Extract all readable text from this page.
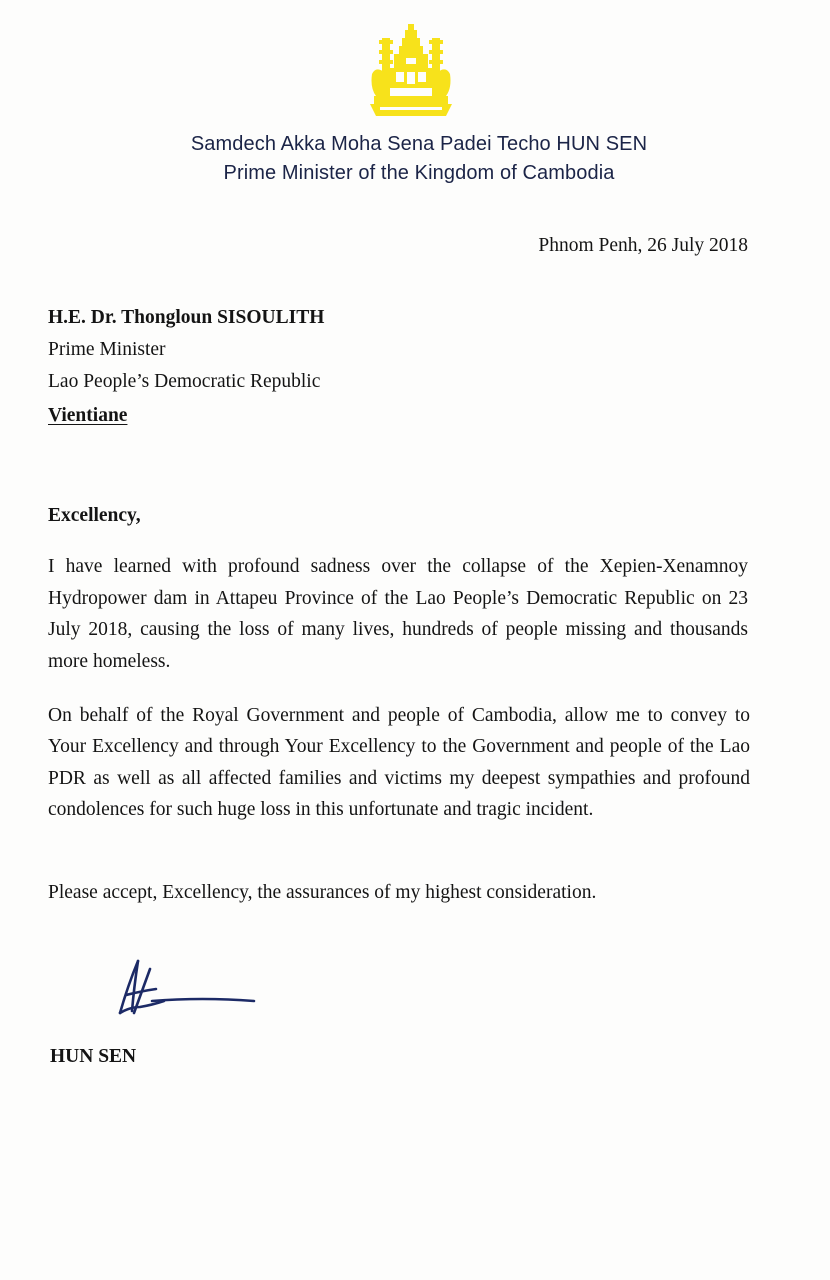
Samdech Akka Moha Sena Padei Techo HUN SEN
Prime Minister of the Kingdom of Cambodia
Phnom Penh, 26 July 2018
H.E. Dr. Thongloun SISOULITH
Prime Minister
Lao People’s Democratic Republic
Vientiane
Excellency,
I have learned with profound sadness over the collapse of the Xepien-Xenamnoy Hydropower dam in Attapeu Province of the Lao People’s Democratic Republic on 23 July 2018, causing the loss of many lives, hundreds of people missing and thousands more homeless.
On behalf of the Royal Government and people of Cambodia, allow me to convey to Your Excellency and through Your Excellency to the Government and people of the Lao PDR as well as all affected families and victims my deepest sympathies and profound condolences for such huge loss in this unfortunate and tragic incident.
Please accept, Excellency, the assurances of my highest consideration.
HUN SEN
